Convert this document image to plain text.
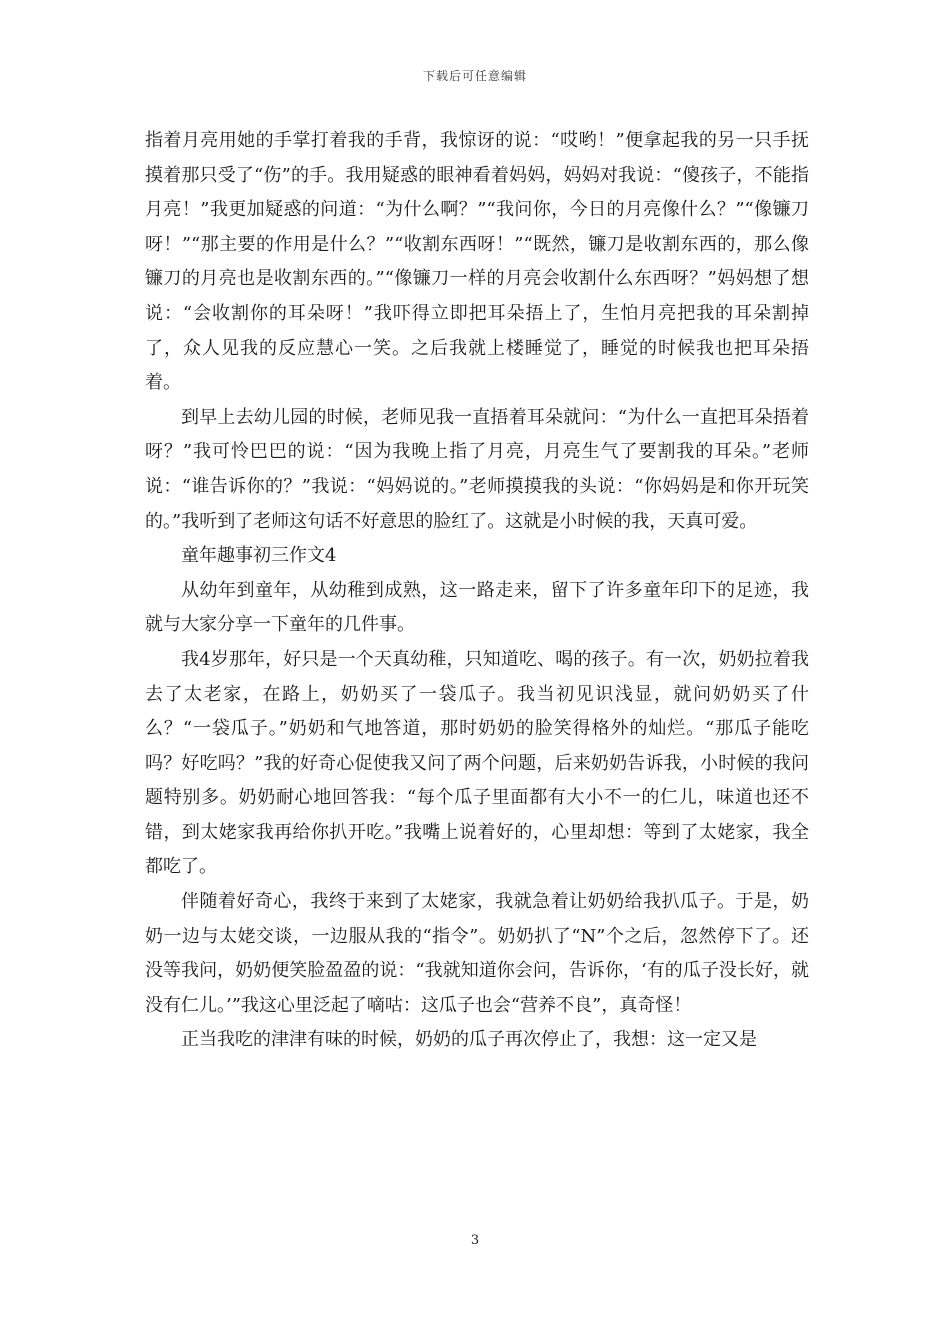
下载后可任意编辑

指着月亮用她的手掌打着我的手背，我惊讶的说：“哎哟！”便拿起我的另一只手抚摸着那只受了“伤”的手。我用疑惑的眼神看着妈妈，妈妈对我说：“傻孩子，不能指月亮！”我更加疑惑的问道：“为什么啊？”“我问你，今日的月亮像什么？”“像镰刀呀！”“那主要的作用是什么？”“收割东西呀！”“既然，镰刀是收割东西的，那么像镰刀的月亮也是收割东西的。”“像镰刀一样的月亮会收割什么东西呀？”妈妈想了想说：“会收割你的耳朵呀！”我吓得立即把耳朵捂上了，生怕月亮把我的耳朵割掉了，众人见我的反应慧心一笑。之后我就上楼睡觉了，睡觉的时候我也把耳朵捂着。

到早上去幼儿园的时候，老师见我一直捂着耳朵就问：“为什么一直把耳朵捂着呀？”我可怜巴巴的说：“因为我晚上指了月亮，月亮生气了要割我的耳朵。”老师说：“谁告诉你的？”我说：“妈妈说的。”老师摸摸我的头说：“你妈妈是和你开玩笑的。”我听到了老师这句话不好意思的脸红了。这就是小时候的我，天真可爱。

童年趣事初三作文4

从幼年到童年，从幼稚到成熟，这一路走来，留下了许多童年印下的足迹，我就与大家分享一下童年的几件事。

我4岁那年，好只是一个天真幼稚，只知道吃、喝的孩子。有一次，奶奶拉着我去了太老家，在路上，奶奶买了一袋瓜子。我当初见识浅显，就问奶奶买了什么？“一袋瓜子。”奶奶和气地答道，那时奶奶的脸笑得格外的灿烂。“那瓜子能吃吗？好吃吗？”我的好奇心促使我又问了两个问题，后来奶奶告诉我，小时候的我问题特别多。奶奶耐心地回答我：“每个瓜子里面都有大小不一的仁儿，味道也还不错，到太姥家我再给你扒开吃。”我嘴上说着好的，心里却想：等到了太姥家，我全都吃了。

伴随着好奇心，我终于来到了太姥家，我就急着让奶奶给我扒瓜子。于是，奶奶一边与太姥交谈，一边服从我的“指令”。奶奶扒了“N”个之后，忽然停下了。还没等我问，奶奶便笑脸盈盈的说：“我就知道你会问，告诉你，‘有的瓜子没长好，就没有仁儿。’”我这心里泛起了嘀咕：这瓜子也会“营养不良”，真奇怪！

正当我吃的津津有味的时候，奶奶的瓜子再次停止了，我想：这一定又是

3
